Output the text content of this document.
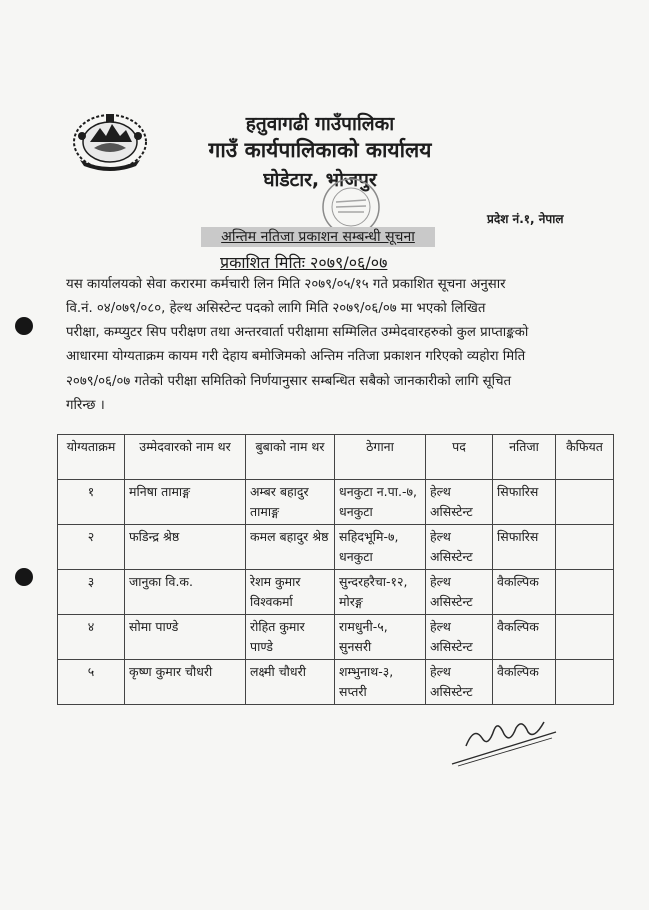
हतुवागढी गाउँपालिका
गाउँ कार्यपालिकाको कार्यालय
घोडेटार, भोजपुर
प्रदेश नं.१, नेपाल
अन्तिम नतिजा प्रकाशन सम्बन्धी सूचना
प्रकाशित मितिः २०७९/०६/०७
यस कार्यालयको सेवा करारमा कर्मचारी लिन मिति २०७९/०५/१५ गते प्रकाशित सूचना अनुसार
वि.नं. ०४/०७९/०८०, हेल्थ असिस्टेन्ट पदको लागि मिति २०७९/०६/०७ मा भएको लिखित
परीक्षा, कम्प्युटर सिप परीक्षण तथा अन्तरवार्ता परीक्षामा सम्मिलित उम्मेदवारहरुको कुल प्राप्ताङ्कको
आधारमा योग्यताक्रम कायम गरी देहाय बमोजिमको अन्तिम नतिजा प्रकाशन गरिएको व्यहोरा मिति
२०७९/०६/०७ गतेको परीक्षा समितिको निर्णयानुसार सम्बन्धित सबैको जानकारीको लागि सूचित
गरिन्छ ।
योग्यताक्रम	उम्मेदवारको नाम थर	बुबाको नाम थर	ठेगाना	पद	नतिजा	कैफियत
१	मनिषा तामाङ्ग	अम्बर बहादुर तामाङ्ग	धनकुटा न.पा.-७, धनकुटा	हेल्थ असिस्टेन्ट	सिफारिस	
२	फडिन्द्र श्रेष्ठ	कमल बहादुर श्रेष्ठ	सहिदभूमि-७, धनकुटा	हेल्थ असिस्टेन्ट	सिफारिस	
३	जानुका वि.क.	रेशम कुमार विश्वकर्मा	सुन्दरहरैचा-१२, मोरङ्ग	हेल्थ असिस्टेन्ट	वैकल्पिक	
४	सोमा पाण्डे	रोहित कुमार पाण्डे	रामधुनी-५, सुनसरी	हेल्थ असिस्टेन्ट	वैकल्पिक	
५	कृष्ण कुमार चौधरी	लक्ष्मी चौधरी	शम्भुनाथ-३, सप्तरी	हेल्थ असिस्टेन्ट	वैकल्पिक	
